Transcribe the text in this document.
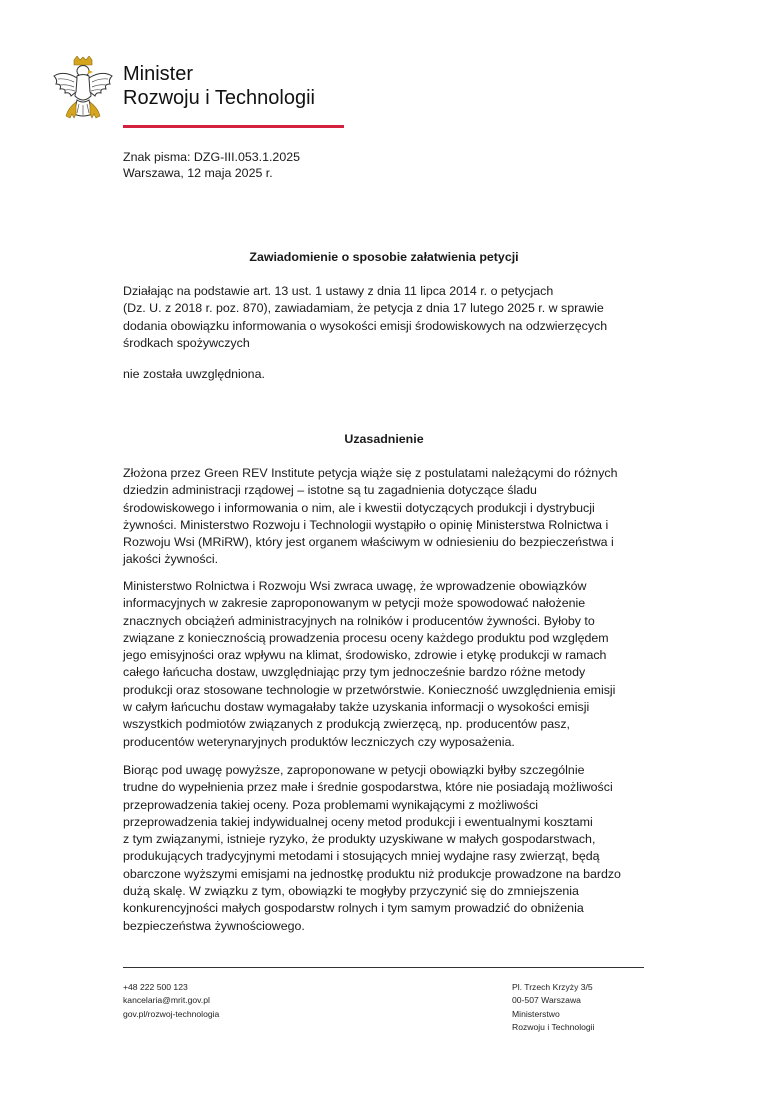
Minister
Rozwoju i Technologii
Znak pisma: DZG-III.053.1.2025
Warszawa, 12 maja 2025 r.
Zawiadomienie o sposobie załatwienia petycji
Działając na podstawie art. 13 ust. 1 ustawy z dnia 11 lipca 2014 r. o petycjach
(Dz. U. z 2018 r. poz. 870), zawiadamiam, że petycja z dnia 17 lutego 2025 r. w sprawie
dodania obowiązku informowania o wysokości emisji środowiskowych na odzwierzęcych
środkach spożywczych
nie została uwzględniona.
Uzasadnienie
Złożona przez Green REV Institute petycja wiąże się z postulatami należącymi do różnych
dziedzin administracji rządowej – istotne są tu zagadnienia dotyczące śladu
środowiskowego i informowania o nim, ale i kwestii dotyczących produkcji i dystrybucji
żywności. Ministerstwo Rozwoju i Technologii wystąpiło o opinię Ministerstwa Rolnictwa i
Rozwoju Wsi (MRiRW), który jest organem właściwym w odniesieniu do bezpieczeństwa i
jakości żywności.
Ministerstwo Rolnictwa i Rozwoju Wsi zwraca uwagę, że wprowadzenie obowiązków
informacyjnych w zakresie zaproponowanym w petycji może spowodować nałożenie
znacznych obciążeń administracyjnych na rolników i producentów żywności. Byłoby to
związane z koniecznością prowadzenia procesu oceny każdego produktu pod względem
jego emisyjności oraz wpływu na klimat, środowisko, zdrowie i etykę produkcji w ramach
całego łańcucha dostaw, uwzględniając przy tym jednocześnie bardzo różne metody
produkcji oraz stosowane technologie w przetwórstwie. Konieczność uwzględnienia emisji
w całym łańcuchu dostaw wymagałaby także uzyskania informacji o wysokości emisji
wszystkich podmiotów związanych z produkcją zwierzęcą, np. producentów pasz,
producentów weterynaryjnych produktów leczniczych czy wyposażenia.
Biorąc pod uwagę powyższe, zaproponowane w petycji obowiązki byłby szczególnie
trudne do wypełnienia przez małe i średnie gospodarstwa, które nie posiadają możliwości
przeprowadzenia takiej oceny. Poza problemami wynikającymi z możliwości
przeprowadzenia takiej indywidualnej oceny metod produkcji i ewentualnymi kosztami
z tym związanymi, istnieje ryzyko, że produkty uzyskiwane w małych gospodarstwach,
produkujących tradycyjnymi metodami i stosujących mniej wydajne rasy zwierząt, będą
obarczone wyższymi emisjami na jednostkę produktu niż produkcje prowadzone na bardzo
dużą skalę. W związku z tym, obowiązki te mogłyby przyczynić się do zmniejszenia
konkurencyjności małych gospodarstw rolnych i tym samym prowadzić do obniżenia
bezpieczeństwa żywnościowego.
+48 222 500 123
kancelaria@mrit.gov.pl
gov.pl/rozwoj-technologia
Pl. Trzech Krzyży 3/5
00-507 Warszawa
Ministerstwo
Rozwoju i Technologii
